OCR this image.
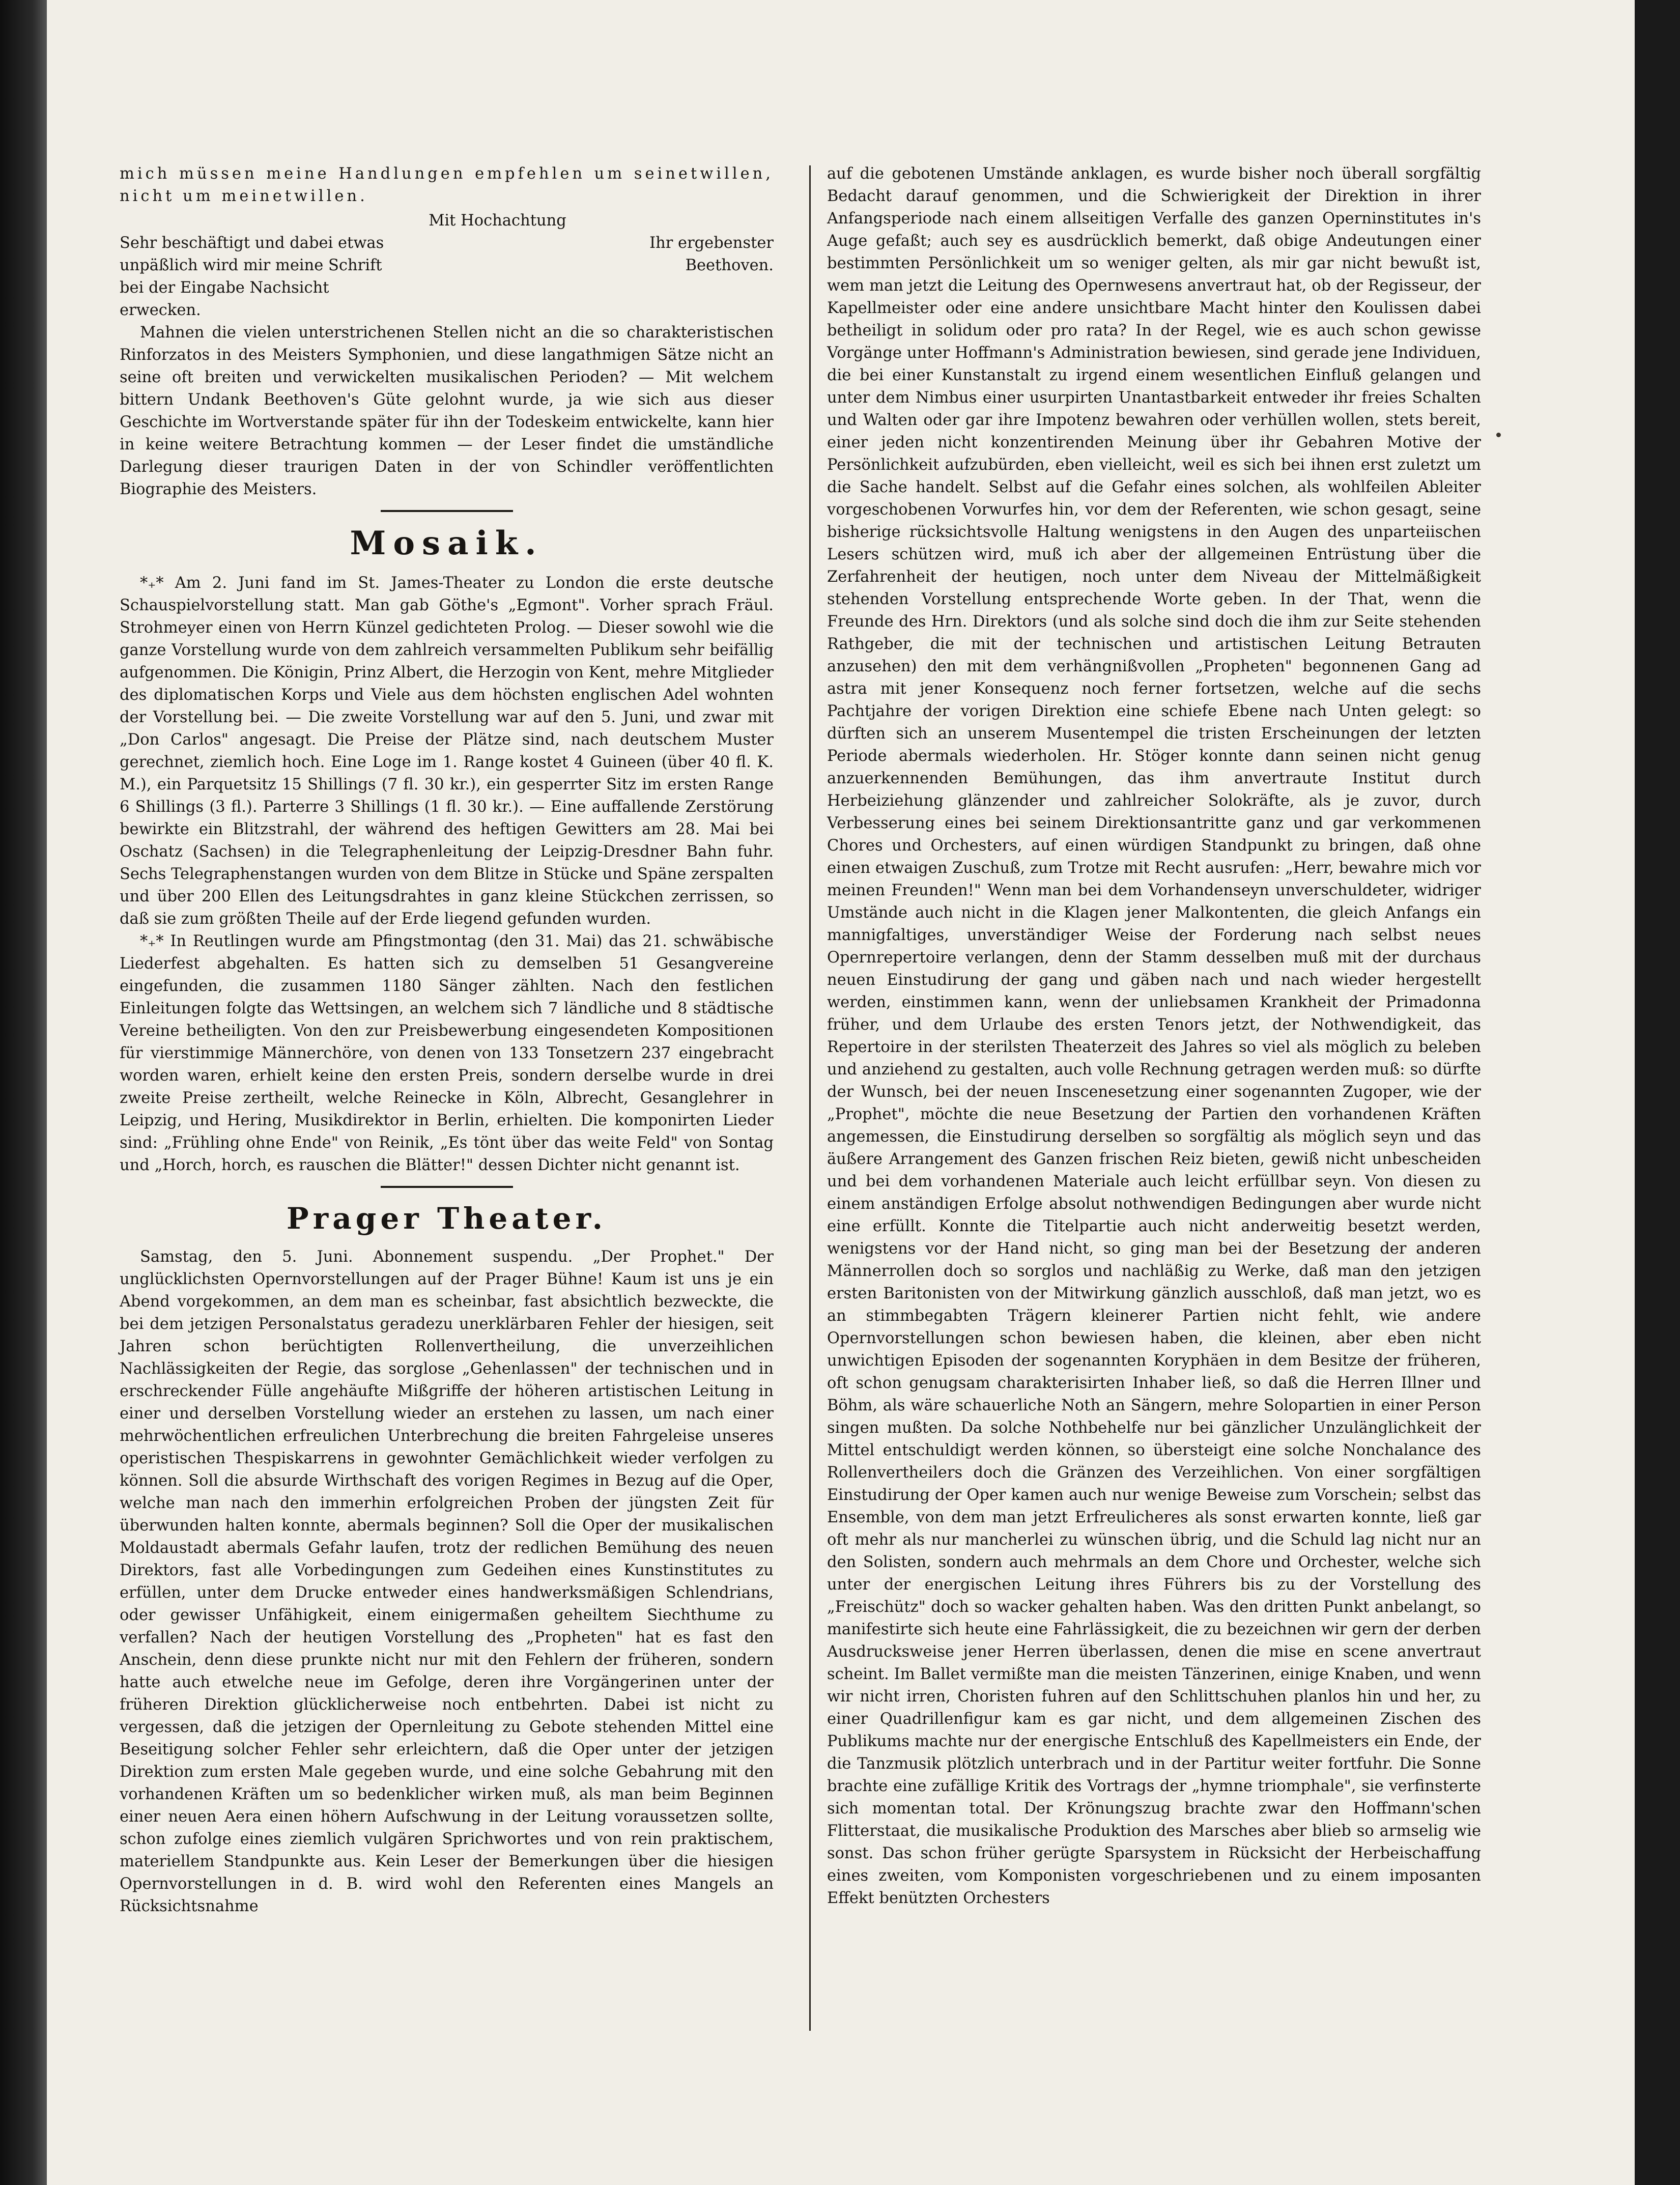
mich müssen meine Handlungen empfehlen um seinetwillen, nicht um meinetwillen.

Mit Hochachtung

Sehr beschäftigt und dabei etwas unpäßlich wird mir meine Schrift bei der Eingabe Nachsicht erwecken.

Ihr ergebenster Beethoven.

Mahnen die vielen unterstrichenen Stellen nicht an die so charakteristischen Rinforzatos in des Meisters Symphonien, und diese langathmigen Sätze nicht an seine oft breiten und verwickelten musikalischen Perioden? — Mit welchem bittern Undank Beethoven's Güte gelohnt wurde, ja wie sich aus dieser Geschichte im Wortverstande später für ihn der Todeskeim entwickelte, kann hier in keine weitere Betrachtung kommen — der Leser findet die umständliche Darlegung dieser traurigen Daten in der von Schindler veröffentlichten Biographie des Meisters.

Mosaik.

*₊* Am 2. Juni fand im St. James-Theater zu London die erste deutsche Schauspielvorstellung statt. Man gab Göthe's „Egmont". Vorher sprach Fräul. Strohmeyer einen von Herrn Künzel gedichteten Prolog. — Dieser sowohl wie die ganze Vorstellung wurde von dem zahlreich versammelten Publikum sehr beifällig aufgenommen. Die Königin, Prinz Albert, die Herzogin von Kent, mehre Mitglieder des diplomatischen Korps und Viele aus dem höchsten englischen Adel wohnten der Vorstellung bei. — Die zweite Vorstellung war auf den 5. Juni, und zwar mit „Don Carlos" angesagt. Die Preise der Plätze sind, nach deutschem Muster gerechnet, ziemlich hoch. Eine Loge im 1. Range kostet 4 Guineen (über 40 fl. K. M.), ein Parquetsitz 15 Shillings (7 fl. 30 kr.), ein gesperrter Sitz im ersten Range 6 Shillings (3 fl.). Parterre 3 Shillings (1 fl. 30 kr.). — Eine auffallende Zerstörung bewirkte ein Blitzstrahl, der während des heftigen Gewitters am 28. Mai bei Oschatz (Sachsen) in die Telegraphenleitung der Leipzig-Dresdner Bahn fuhr. Sechs Telegraphenstangen wurden von dem Blitze in Stücke und Späne zerspalten und über 200 Ellen des Leitungsdrahtes in ganz kleine Stückchen zerrissen, so daß sie zum größten Theile auf der Erde liegend gefunden wurden.

*₊* In Reutlingen wurde am Pfingstmontag (den 31. Mai) das 21. schwäbische Liederfest abgehalten. Es hatten sich zu demselben 51 Gesangvereine eingefunden, die zusammen 1180 Sänger zählten. Nach den festlichen Einleitungen folgte das Wettsingen, an welchem sich 7 ländliche und 8 städtische Vereine betheiligten. Von den zur Preisbewerbung eingesendeten Kompositionen für vierstimmige Männerchöre, von denen von 133 Tonsetzern 237 eingebracht worden waren, erhielt keine den ersten Preis, sondern derselbe wurde in drei zweite Preise zertheilt, welche Reinecke in Köln, Albrecht, Gesanglehrer in Leipzig, und Hering, Musikdirektor in Berlin, erhielten. Die komponirten Lieder sind: „Frühling ohne Ende" von Reinik, „Es tönt über das weite Feld" von Sontag und „Horch, horch, es rauschen die Blätter!" dessen Dichter nicht genannt ist.

Prager Theater.

Samstag, den 5. Juni. Abonnement suspendu. „Der Prophet." Der unglücklichsten Opernvorstellungen auf der Prager Bühne! Kaum ist uns je ein Abend vorgekommen, an dem man es scheinbar, fast absichtlich bezweckte, die bei dem jetzigen Personalstatus geradezu unerklärbaren Fehler der hiesigen, seit Jahren schon berüchtigten Rollenvertheilung, die unverzeihlichen Nachlässigkeiten der Regie, das sorglose „Gehenlassen" der technischen und in erschreckender Fülle angehäufte Mißgriffe der höheren artistischen Leitung in einer und derselben Vorstellung wieder an erstehen zu lassen, um nach einer mehrwöchentlichen erfreulichen Unterbrechung die breiten Fahrgeleise unseres operistischen Thespiskarrens in gewohnter Gemächlichkeit wieder verfolgen zu können. Soll die absurde Wirthschaft des vorigen Regimes in Bezug auf die Oper, welche man nach den immerhin erfolgreichen Proben der jüngsten Zeit für überwunden halten konnte, abermals beginnen? Soll die Oper der musikalischen Moldaustadt abermals Gefahr laufen, trotz der redlichen Bemühung des neuen Direktors, fast alle Vorbedingungen zum Gedeihen eines Kunstinstitutes zu erfüllen, unter dem Drucke entweder eines handwerksmäßigen Schlendrians, oder gewisser Unfähigkeit, einem einigermaßen geheiltem Siechthume zu verfallen? Nach der heutigen Vorstellung des „Propheten" hat es fast den Anschein, denn diese prunkte nicht nur mit den Fehlern der früheren, sondern hatte auch etwelche neue im Gefolge, deren ihre Vorgängerinen unter der früheren Direktion glücklicherweise noch entbehrten. Dabei ist nicht zu vergessen, daß die jetzigen der Opernleitung zu Gebote stehenden Mittel eine Beseitigung solcher Fehler sehr erleichtern, daß die Oper unter der jetzigen Direktion zum ersten Male gegeben wurde, und eine solche Gebahrung mit den vorhandenen Kräften um so bedenklicher wirken muß, als man beim Beginnen einer neuen Aera einen höhern Aufschwung in der Leitung voraussetzen sollte, schon zufolge eines ziemlich vulgären Sprichwortes und von rein praktischem, materiellem Standpunkte aus. Kein Leser der Bemerkungen über die hiesigen Opernvorstellungen in d. B. wird wohl den Referenten eines Mangels an Rücksichtsnahme

auf die gebotenen Umstände anklagen, es wurde bisher noch überall sorgfältig Bedacht darauf genommen, und die Schwierigkeit der Direktion in ihrer Anfangsperiode nach einem allseitigen Verfalle des ganzen Operninstitutes in's Auge gefaßt; auch sey es ausdrücklich bemerkt, daß obige Andeutungen einer bestimmten Persönlichkeit um so weniger gelten, als mir gar nicht bewußt ist, wem man jetzt die Leitung des Opernwesens anvertraut hat, ob der Regisseur, der Kapellmeister oder eine andere unsichtbare Macht hinter den Koulissen dabei betheiligt in solidum oder pro rata? In der Regel, wie es auch schon gewisse Vorgänge unter Hoffmann's Administration bewiesen, sind gerade jene Individuen, die bei einer Kunstanstalt zu irgend einem wesentlichen Einfluß gelangen und unter dem Nimbus einer usurpirten Unantastbarkeit entweder ihr freies Schalten und Walten oder gar ihre Impotenz bewahren oder verhüllen wollen, stets bereit, einer jeden nicht konzentirenden Meinung über ihr Gebahren Motive der Persönlichkeit aufzubürden, eben vielleicht, weil es sich bei ihnen erst zuletzt um die Sache handelt. Selbst auf die Gefahr eines solchen, als wohlfeilen Ableiter vorgeschobenen Vorwurfes hin, vor dem der Referenten, wie schon gesagt, seine bisherige rücksichtsvolle Haltung wenigstens in den Augen des unparteiischen Lesers schützen wird, muß ich aber der allgemeinen Entrüstung über die Zerfahrenheit der heutigen, noch unter dem Niveau der Mittelmäßigkeit stehenden Vorstellung entsprechende Worte geben. In der That, wenn die Freunde des Hrn. Direktors (und als solche sind doch die ihm zur Seite stehenden Rathgeber, die mit der technischen und artistischen Leitung Betrauten anzusehen) den mit dem verhängnißvollen „Propheten" begonnenen Gang ad astra mit jener Konsequenz noch ferner fortsetzen, welche auf die sechs Pachtjahre der vorigen Direktion eine schiefe Ebene nach Unten gelegt: so dürften sich an unserem Musentempel die tristen Erscheinungen der letzten Periode abermals wiederholen. Hr. Stöger konnte dann seinen nicht genug anzuerkennenden Bemühungen, das ihm anvertraute Institut durch Herbeiziehung glänzender und zahlreicher Solokräfte, als je zuvor, durch Verbesserung eines bei seinem Direktionsantritte ganz und gar verkommenen Chores und Orchesters, auf einen würdigen Standpunkt zu bringen, daß ohne einen etwaigen Zuschuß, zum Trotze mit Recht ausrufen: „Herr, bewahre mich vor meinen Freunden!" Wenn man bei dem Vorhandenseyn unverschuldeter, widriger Umstände auch nicht in die Klagen jener Malkontenten, die gleich Anfangs ein mannigfaltiges, unverständiger Weise der Forderung nach selbst neues Opernrepertoire verlangen, denn der Stamm desselben muß mit der durchaus neuen Einstudirung der gang und gäben nach und nach wieder hergestellt werden, einstimmen kann, wenn der unliebsamen Krankheit der Primadonna früher, und dem Urlaube des ersten Tenors jetzt, der Nothwendigkeit, das Repertoire in der sterilsten Theaterzeit des Jahres so viel als möglich zu beleben und anziehend zu gestalten, auch volle Rechnung getragen werden muß: so dürfte der Wunsch, bei der neuen Inscenesetzung einer sogenannten Zugoper, wie der „Prophet", möchte die neue Besetzung der Partien den vorhandenen Kräften angemessen, die Einstudirung derselben so sorgfältig als möglich seyn und das äußere Arrangement des Ganzen frischen Reiz bieten, gewiß nicht unbescheiden und bei dem vorhandenen Materiale auch leicht erfüllbar seyn. Von diesen zu einem anständigen Erfolge absolut nothwendigen Bedingungen aber wurde nicht eine erfüllt. Konnte die Titelpartie auch nicht anderweitig besetzt werden, wenigstens vor der Hand nicht, so ging man bei der Besetzung der anderen Männerrollen doch so sorglos und nachläßig zu Werke, daß man den jetzigen ersten Baritonisten von der Mitwirkung gänzlich ausschloß, daß man jetzt, wo es an stimmbegabten Trägern kleinerer Partien nicht fehlt, wie andere Opernvorstellungen schon bewiesen haben, die kleinen, aber eben nicht unwichtigen Episoden der sogenannten Koryphäen in dem Besitze der früheren, oft schon genugsam charakterisirten Inhaber ließ, so daß die Herren Illner und Böhm, als wäre schauerliche Noth an Sängern, mehre Solopartien in einer Person singen mußten. Da solche Nothbehelfe nur bei gänzlicher Unzulänglichkeit der Mittel entschuldigt werden können, so übersteigt eine solche Nonchalance des Rollenvertheilers doch die Gränzen des Verzeihlichen. Von einer sorgfältigen Einstudirung der Oper kamen auch nur wenige Beweise zum Vorschein; selbst das Ensemble, von dem man jetzt Erfreulicheres als sonst erwarten konnte, ließ gar oft mehr als nur mancherlei zu wünschen übrig, und die Schuld lag nicht nur an den Solisten, sondern auch mehrmals an dem Chore und Orchester, welche sich unter der energischen Leitung ihres Führers bis zu der Vorstellung des „Freischütz" doch so wacker gehalten haben. Was den dritten Punkt anbelangt, so manifestirte sich heute eine Fahrlässigkeit, die zu bezeichnen wir gern der derben Ausdrucksweise jener Herren überlassen, denen die mise en scene anvertraut scheint. Im Ballet vermißte man die meisten Tänzerinen, einige Knaben, und wenn wir nicht irren, Choristen fuhren auf den Schlittschuhen planlos hin und her, zu einer Quadrillenfigur kam es gar nicht, und dem allgemeinen Zischen des Publikums machte nur der energische Entschluß des Kapellmeisters ein Ende, der die Tanzmusik plötzlich unterbrach und in der Partitur weiter fortfuhr. Die Sonne brachte eine zufällige Kritik des Vortrags der „hymne triomphale", sie verfinsterte sich momentan total. Der Krönungszug brachte zwar den Hoffmann'schen Flitterstaat, die musikalische Produktion des Marsches aber blieb so armselig wie sonst. Das schon früher gerügte Sparsystem in Rücksicht der Herbeischaffung eines zweiten, vom Komponisten vorgeschriebenen und zu einem imposanten Effekt benützten Orchesters
